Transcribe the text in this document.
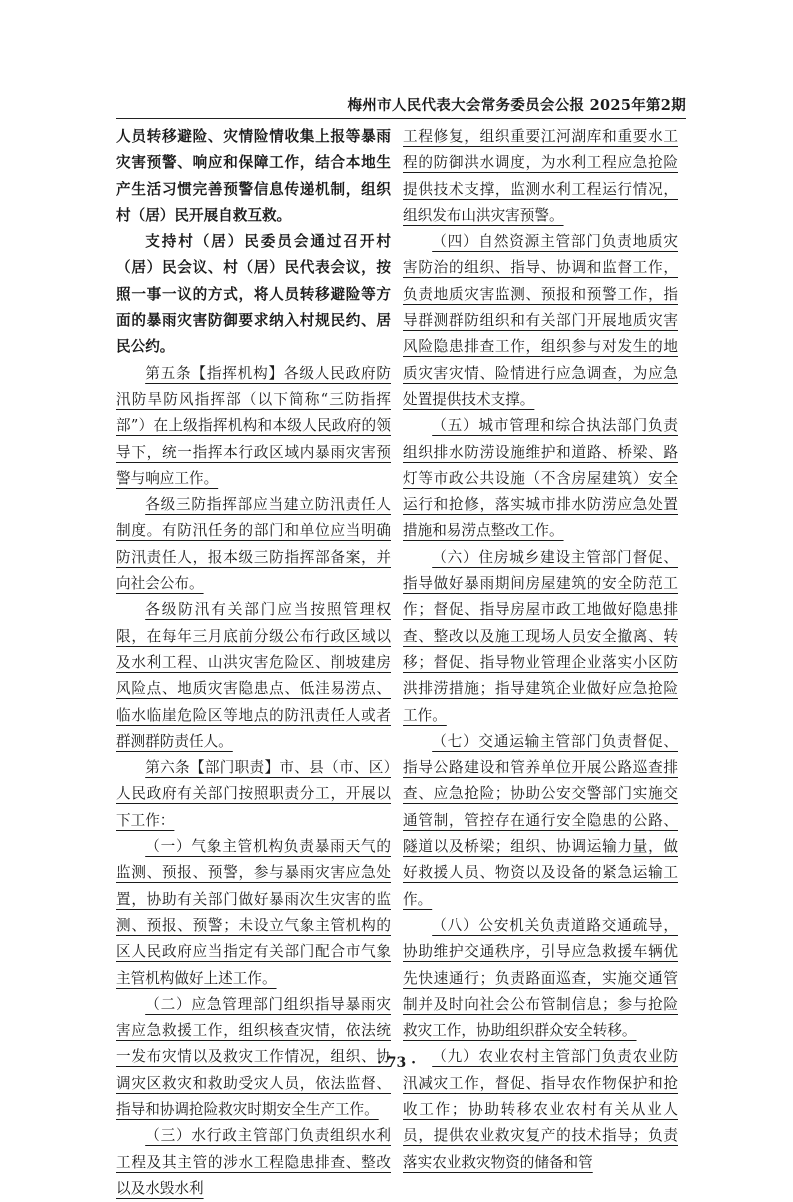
梅州市人民代表大会常务委员会公报 2025年第2期

人员转移避险、灾情险情收集上报等暴雨灾害预警、响应和保障工作，结合本地生产生活习惯完善预警信息传递机制，组织村（居）民开展自救互救。

支持村（居）民委员会通过召开村（居）民会议、村（居）民代表会议，按照一事一议的方式，将人员转移避险等方面的暴雨灾害防御要求纳入村规民约、居民公约。

第五条【指挥机构】各级人民政府防汛防旱防风指挥部（以下简称“三防指挥部”）在上级指挥机构和本级人民政府的领导下，统一指挥本行政区域内暴雨灾害预警与响应工作。

各级三防指挥部应当建立防汛责任人制度。有防汛任务的部门和单位应当明确防汛责任人，报本级三防指挥部备案，并向社会公布。

各级防汛有关部门应当按照管理权限，在每年三月底前分级公布行政区域以及水利工程、山洪灾害危险区、削坡建房风险点、地质灾害隐患点、低洼易涝点、临水临崖危险区等地点的防汛责任人或者群测群防责任人。

第六条【部门职责】市、县（市、区）人民政府有关部门按照职责分工，开展以下工作：

（一）气象主管机构负责暴雨天气的监测、预报、预警，参与暴雨灾害应急处置，协助有关部门做好暴雨次生灾害的监测、预报、预警；未设立气象主管机构的区人民政府应当指定有关部门配合市气象主管机构做好上述工作。

（二）应急管理部门组织指导暴雨灾害应急救援工作，组织核查灾情，依法统一发布灾情以及救灾工作情况，组织、协调灾区救灾和救助受灾人员，依法监督、指导和协调抢险救灾时期安全生产工作。

（三）水行政主管部门负责组织水利工程及其主管的涉水工程隐患排查、整改以及水毁水利

工程修复，组织重要江河湖库和重要水工程的防御洪水调度，为水利工程应急抢险提供技术支撑，监测水利工程运行情况，组织发布山洪灾害预警。

（四）自然资源主管部门负责地质灾害防治的组织、指导、协调和监督工作，负责地质灾害监测、预报和预警工作，指导群测群防组织和有关部门开展地质灾害风险隐患排查工作，组织参与对发生的地质灾害灾情、险情进行应急调查，为应急处置提供技术支撑。

（五）城市管理和综合执法部门负责组织排水防涝设施维护和道路、桥梁、路灯等市政公共设施（不含房屋建筑）安全运行和抢修，落实城市排水防涝应急处置措施和易涝点整改工作。

（六）住房城乡建设主管部门督促、指导做好暴雨期间房屋建筑的安全防范工作；督促、指导房屋市政工地做好隐患排查、整改以及施工现场人员安全撤离、转移；督促、指导物业管理企业落实小区防洪排涝措施；指导建筑企业做好应急抢险工作。

（七）交通运输主管部门负责督促、指导公路建设和管养单位开展公路巡查排查、应急抢险；协助公安交警部门实施交通管制，管控存在通行安全隐患的公路、隧道以及桥梁；组织、协调运输力量，做好救援人员、物资以及设备的紧急运输工作。

（八）公安机关负责道路交通疏导，协助维护交通秩序，引导应急救援车辆优先快速通行；负责路面巡查，实施交通管制并及时向社会公布管制信息；参与抢险救灾工作，协助组织群众安全转移。

（九）农业农村主管部门负责农业防汛减灾工作，督促、指导农作物保护和抢收工作；协助转移农业农村有关从业人员，提供农业救灾复产的技术指导；负责落实农业救灾物资的储备和管

· 73 ·
